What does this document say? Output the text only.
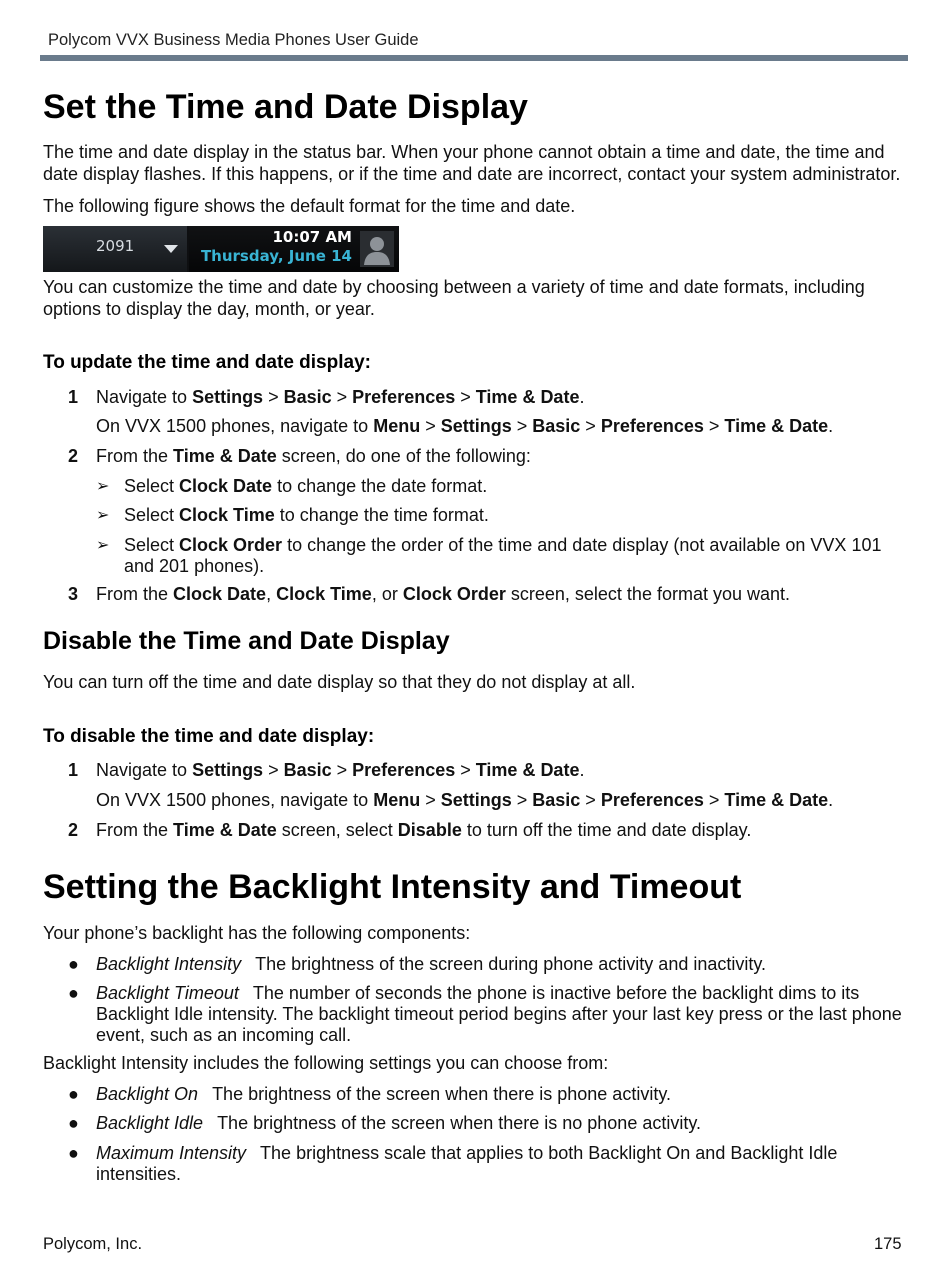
Polycom VVX Business Media Phones User Guide
Set the Time and Date Display

The time and date display in the status bar. When your phone cannot obtain a time and date, the time and date display flashes. If this happens, or if the time and date are incorrect, contact your system administrator.

The following figure shows the default format for the time and date.

2091	10:07 AM
Thursday, June 14

You can customize the time and date by choosing between a variety of time and date formats, including options to display the day, month, or year.

To update the time and date display:
1 Navigate to Settings > Basic > Preferences > Time & Date.
On VVX 1500 phones, navigate to Menu > Settings > Basic > Preferences > Time & Date.
2 From the Time & Date screen, do one of the following:
➢ Select Clock Date to change the date format.
➢ Select Clock Time to change the time format.
➢ Select Clock Order to change the order of the time and date display (not available on VVX 101 and 201 phones).
3 From the Clock Date, Clock Time, or Clock Order screen, select the format you want.
Disable the Time and Date Display

You can turn off the time and date display so that they do not display at all.

To disable the time and date display:
1 Navigate to Settings > Basic > Preferences > Time & Date.
On VVX 1500 phones, navigate to Menu > Settings > Basic > Preferences > Time & Date.
2 From the Time & Date screen, select Disable to turn off the time and date display.
Setting the Backlight Intensity and Timeout

Your phone’s backlight has the following components:

● Backlight Intensity The brightness of the screen during phone activity and inactivity.
● Backlight Timeout The number of seconds the phone is inactive before the backlight dims to its Backlight Idle intensity. The backlight timeout period begins after your last key press or the last phone event, such as an incoming call.

Backlight Intensity includes the following settings you can choose from:

● Backlight On The brightness of the screen when there is phone activity.
● Backlight Idle The brightness of the screen when there is no phone activity.
● Maximum Intensity The brightness scale that applies to both Backlight On and Backlight Idle intensities.
Polycom, Inc.	175
